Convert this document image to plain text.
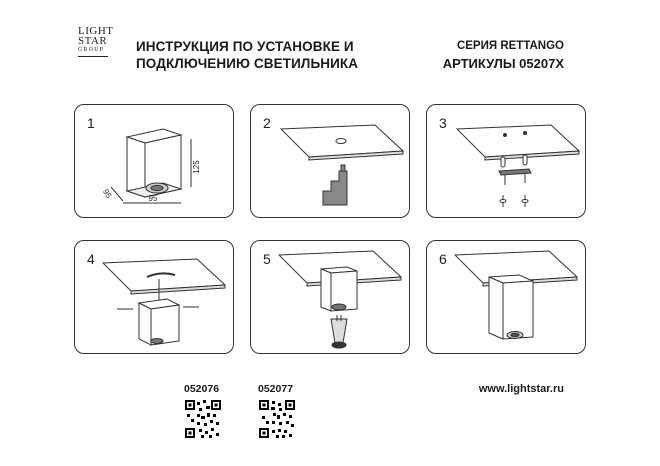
LIGHT
STAR
GROUP	ИНСТРУКЦИЯ ПО УСТАНОВКЕ И
ПОДКЛЮЧЕНИЮ СВЕТИЛЬНИКА
СЕРИЯ RETTANGO
АРТИКУЛЫ 05207X
1
125
95
95
2	3
4	5	6
052076	052077	www.lightstar.ru
